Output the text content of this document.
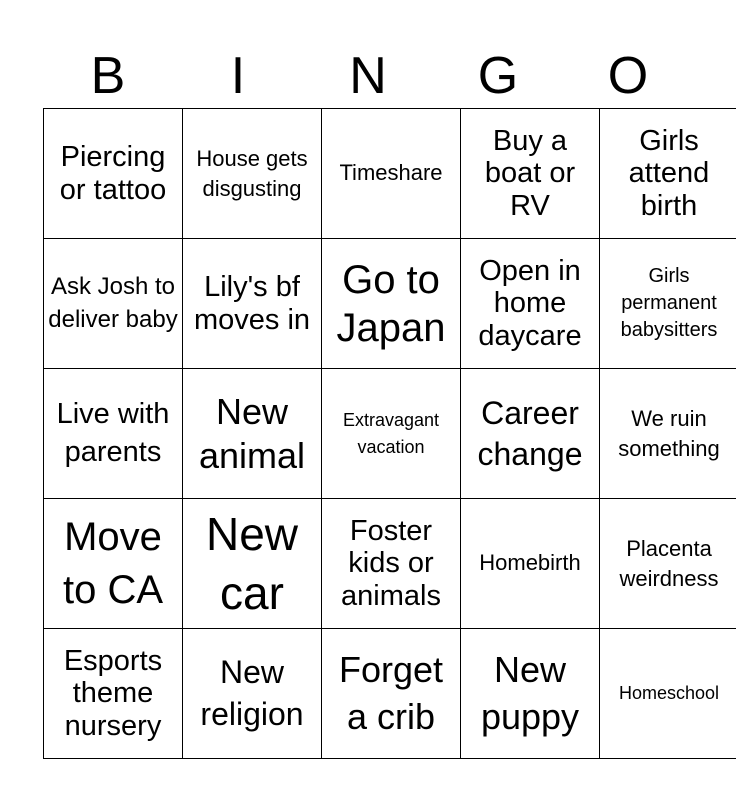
B	I	N	G	O
Piercing or tattoo	House gets disgusting	Timeshare	Buy a boat or RV	Girls attend birth
Ask Josh to deliver baby	Lily's bf moves in	Go to Japan	Open in home daycare	Girls permanent babysitters
Live with parents	New animal	Extravagant vacation	Career change	We ruin something
Move to CA	New car	Foster kids or animals	Homebirth	Placenta weirdness
Esports theme nursery	New religion	Forget a crib	New puppy	Homeschool
